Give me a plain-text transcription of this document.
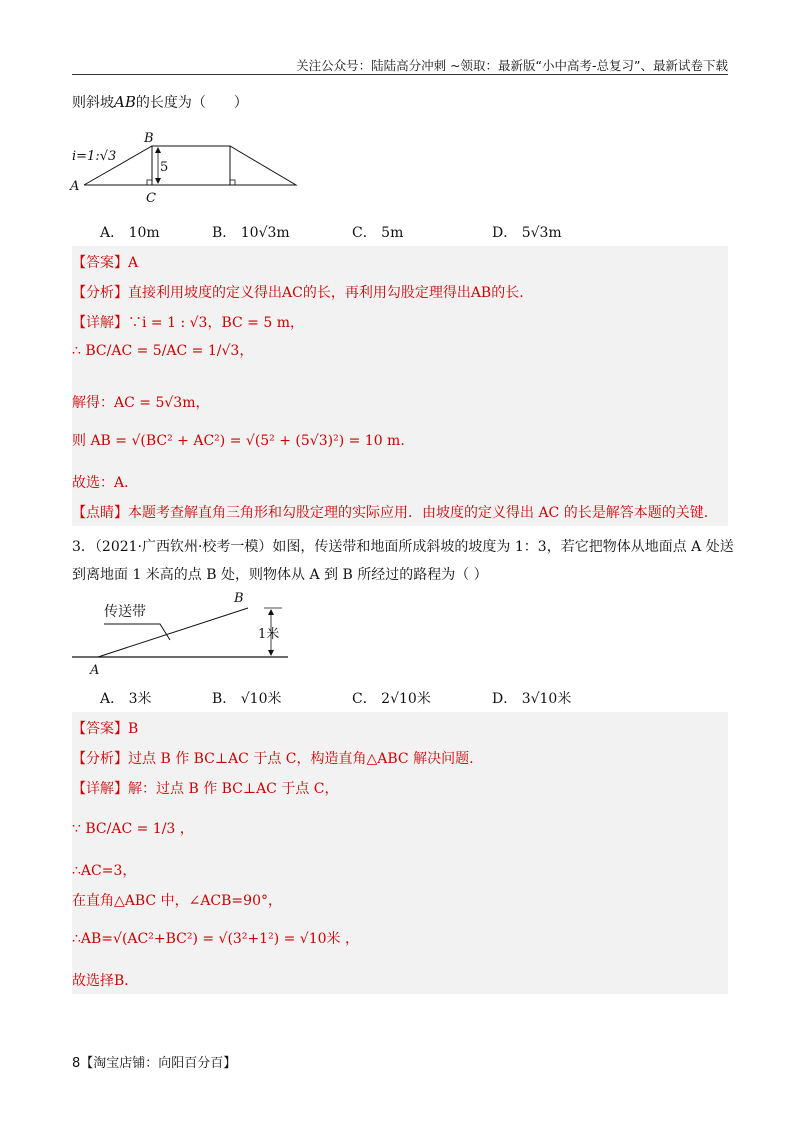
关注公众号：陆陆高分冲刺 ~领取：最新版“小中高考-总复习”、最新试卷下载
则斜坡AB的长度为（　　）
5
i=1:√3
A
B
C
A． 10m	B． 10√3m	C． 5m	D． 5√3m
【答案】A
【分析】直接利用坡度的定义得出AC的长，再利用勾股定理得出AB的长.
【详解】∵i = 1 : √3，BC = 5 m，
∴ BC/AC = 5/AC = 1/√3，
解得：AC = 5√3m，
则 AB = √(BC² + AC²) = √(5² + (5√3)²) = 10 m.
故选：A．
【点睛】本题考查解直角三角形和勾股定理的实际应用．由坡度的定义得出 AC 的长是解答本题的关键．
3．（2021·广西钦州·校考一模）如图，传送带和地面所成斜坡的坡度为 1：3，若它把物体从地面点 A 处送
到离地面 1 米高的点 B 处，则物体从 A 到 B 所经过的路程为（ ）
传送带
1米
A
B
A． 3米	B． √10米	C． 2√10米	D． 3√10米
【答案】B
【分析】过点 B 作 BC⊥AC 于点 C，构造直角△ABC 解决问题.
【详解】解：过点 B 作 BC⊥AC 于点 C，
∵ BC/AC = 1/3 ，
∴AC=3，
在直角△ABC 中，∠ACB=90°，
∴AB=√(AC²+BC²) = √(3²+1²) = √10米 ，
故选择B．
8【淘宝店铺：向阳百分百】
